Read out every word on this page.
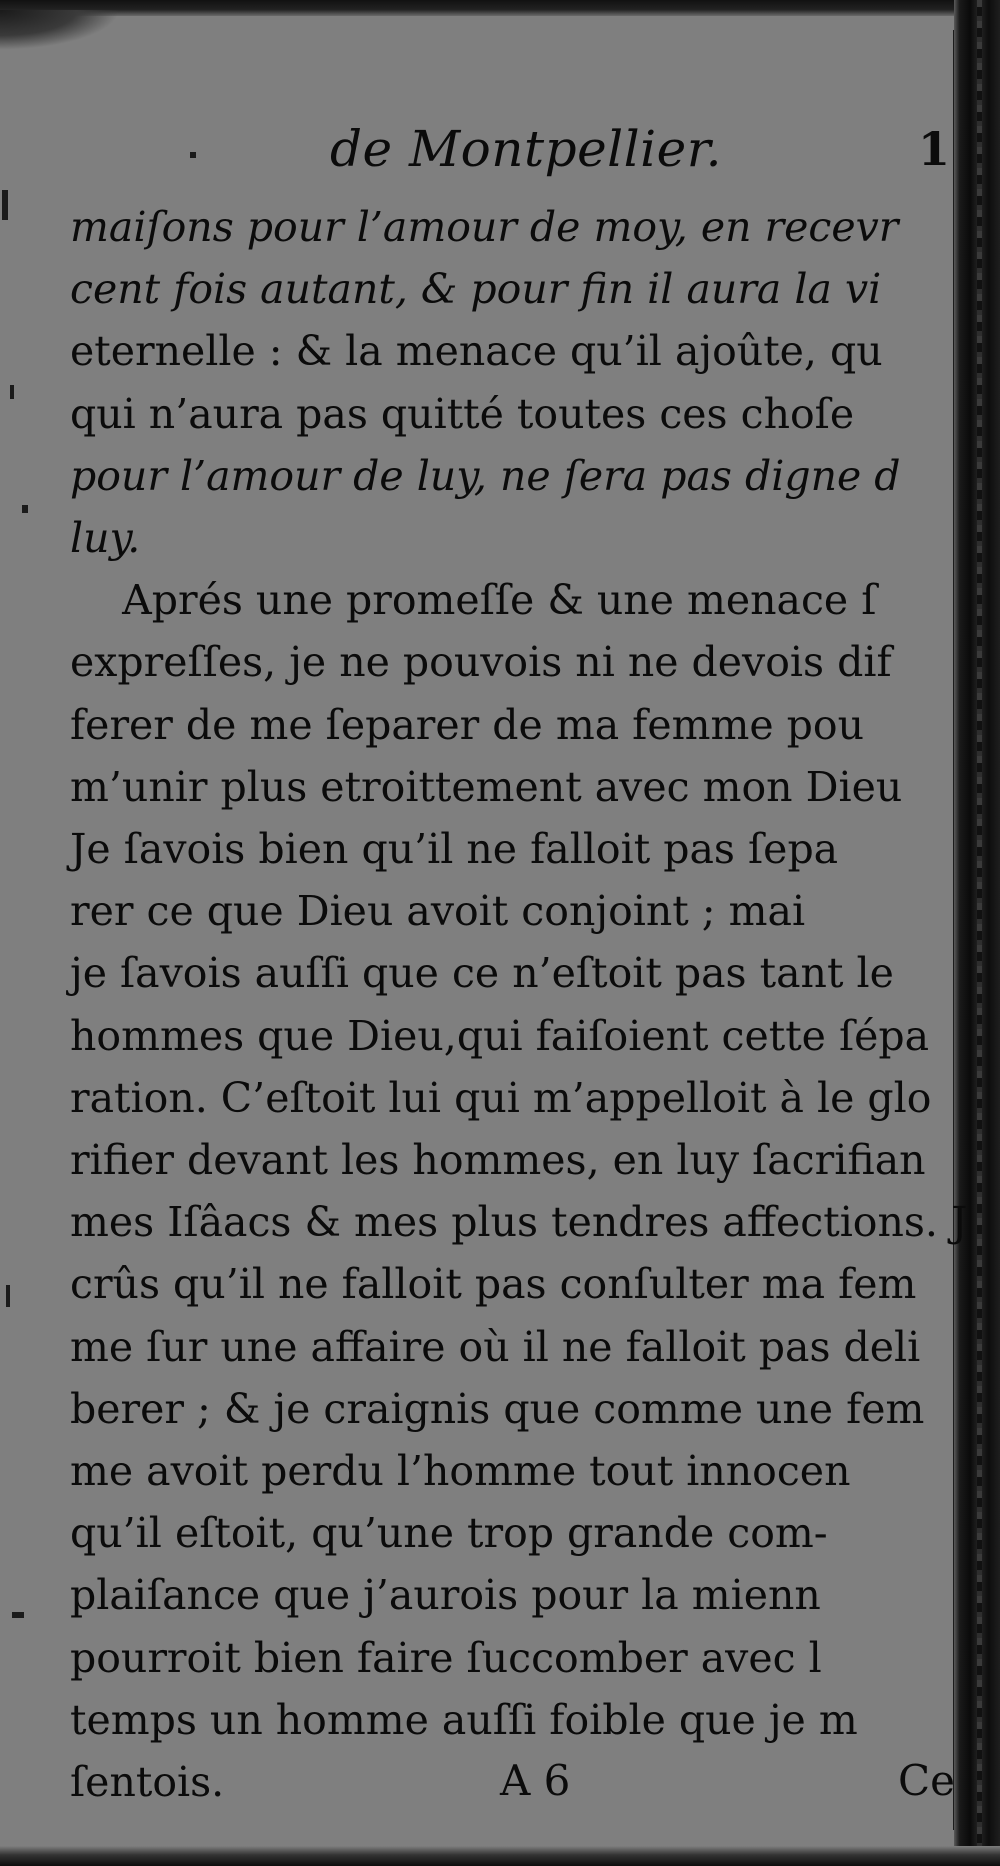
de Montpellier.	1
maiſons pour l’amour de moy, en recevr
cent fois autant, & pour fin il aura la vi
eternelle : & la menace qu’il ajoûte, qu
qui n’aura pas quitté toutes ces choſe
pour l’amour de luy, ne ſera pas digne d
luy.
Aprés une promeſſe & une menace ſ
expreſſes, je ne pouvois ni ne devois dif
ferer de me ſeparer de ma femme pou
m’unir plus etroittement avec mon Dieu
Je ſavois bien qu’il ne falloit pas ſepa
rer ce que Dieu avoit conjoint ; mai
je ſavois auſſi que ce n’eſtoit pas tant le
hommes que Dieu,qui faiſoient cette ſépa
ration. C’eſtoit lui qui m’appelloit à le glo
rifier devant les hommes, en luy ſacrifian
mes Iſâacs & mes plus tendres affections. J
crûs qu’il ne falloit pas conſulter ma fem
me ſur une affaire où il ne falloit pas deli
berer ; & je craignis que comme une fem
me avoit perdu l’homme tout innocen
qu’il eſtoit, qu’une trop grande com-
plaiſance que j’aurois pour la mienn
pourroit bien faire ſuccomber avec l
temps un homme auſſi foible que je m
ſentois.	A 6	Ce
